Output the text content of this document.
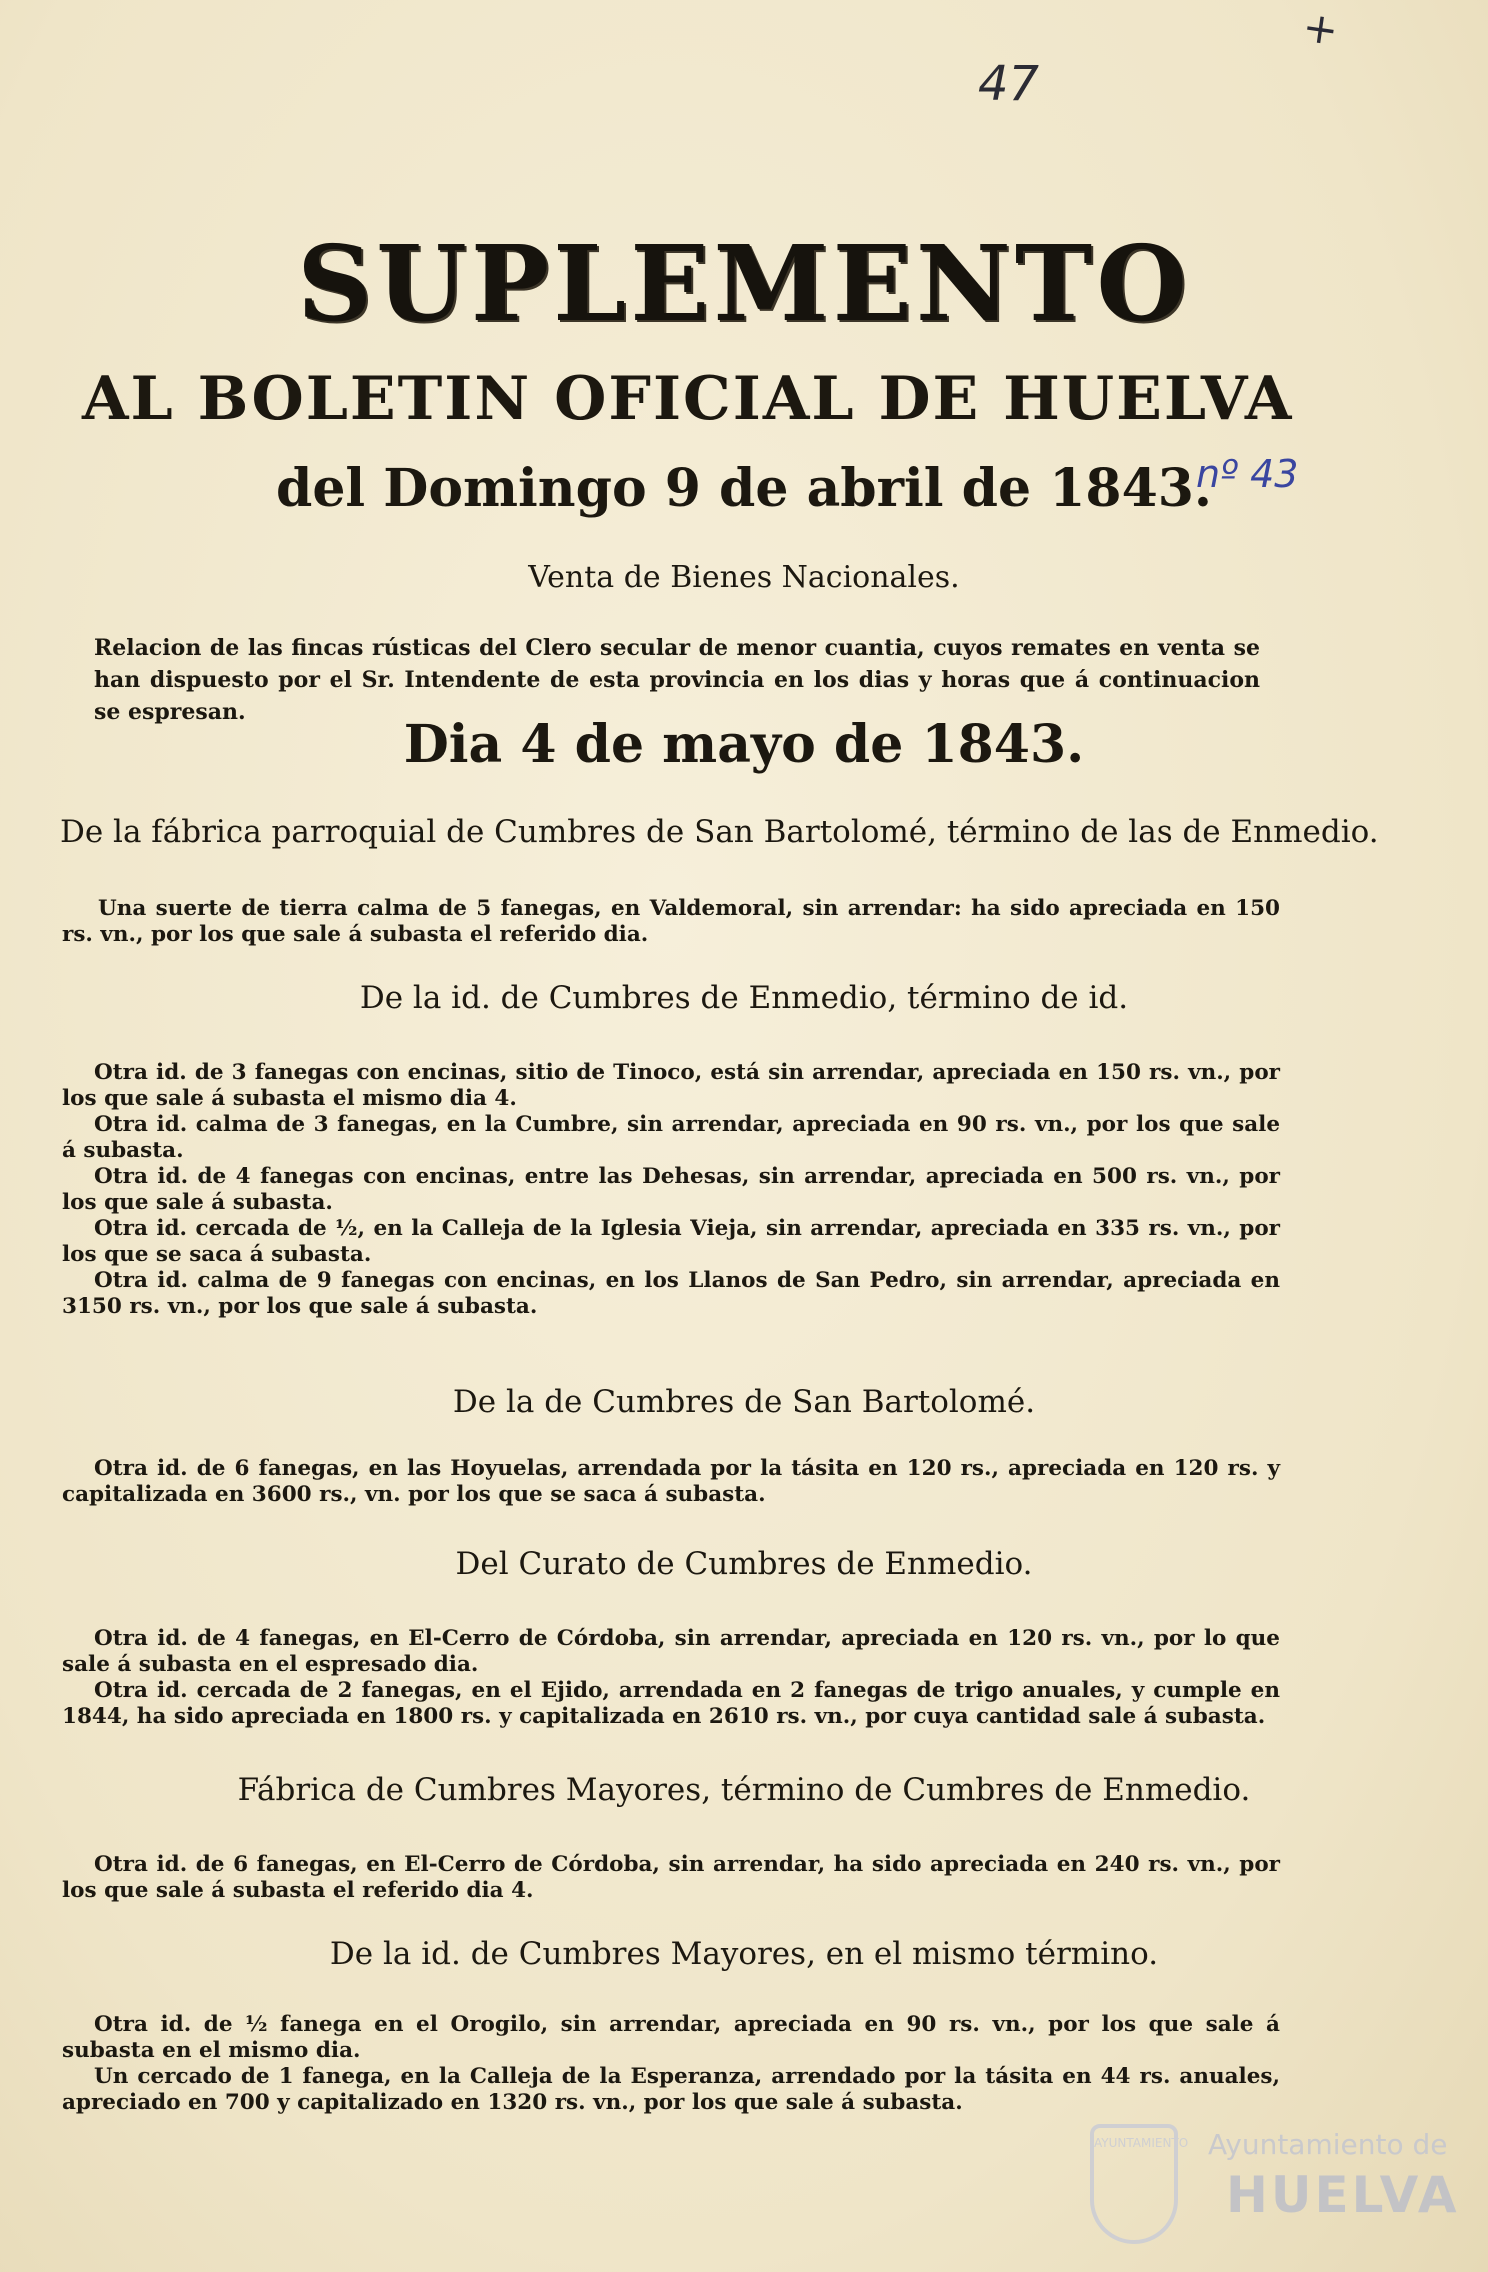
+
47
nº 43
SUPLEMENTO
AL BOLETIN OFICIAL DE HUELVA
del Domingo 9 de abril de 1843.
Venta de Bienes Nacionales.
Relacion de las fincas rústicas del Clero secular de menor cuantia, cuyos remates en venta se han dispuesto por el Sr. Intendente de esta provincia en los dias y horas que á continuacion se espresan.
Dia 4 de mayo de 1843.
De la fábrica parroquial de Cumbres de San Bartolomé, término de las de Enmedio.

Una suerte de tierra calma de 5 fanegas, en Valdemoral, sin arrendar: ha sido apreciada en 150 rs. vn., por los que sale á subasta el referido dia.

De la id. de Cumbres de Enmedio, término de id.

Otra id. de 3 fanegas con encinas, sitio de Tinoco, está sin arrendar, apreciada en 150 rs. vn., por los que sale á subasta el mismo dia 4.

Otra id. calma de 3 fanegas, en la Cumbre, sin arrendar, apreciada en 90 rs. vn., por los que sale á subasta.

Otra id. de 4 fanegas con encinas, entre las Dehesas, sin arrendar, apreciada en 500 rs. vn., por los que sale á subasta.

Otra id. cercada de ½, en la Calleja de la Iglesia Vieja, sin arrendar, apreciada en 335 rs. vn., por los que se saca á subasta.

Otra id. calma de 9 fanegas con encinas, en los Llanos de San Pedro, sin arrendar, apreciada en 3150 rs. vn., por los que sale á subasta.

De la de Cumbres de San Bartolomé.

Otra id. de 6 fanegas, en las Hoyuelas, arrendada por la tásita en 120 rs., apreciada en 120 rs. y capitalizada en 3600 rs., vn. por los que se saca á subasta.

Del Curato de Cumbres de Enmedio.

Otra id. de 4 fanegas, en El-Cerro de Córdoba, sin arrendar, apreciada en 120 rs. vn., por lo que sale á subasta en el espresado dia.

Otra id. cercada de 2 fanegas, en el Ejido, arrendada en 2 fanegas de trigo anuales, y cumple en 1844, ha sido apreciada en 1800 rs. y capitalizada en 2610 rs. vn., por cuya cantidad sale á subasta.

Fábrica de Cumbres Mayores, término de Cumbres de Enmedio.

Otra id. de 6 fanegas, en El-Cerro de Córdoba, sin arrendar, ha sido apreciada en 240 rs. vn., por los que sale á subasta el referido dia 4.

De la id. de Cumbres Mayores, en el mismo término.

Otra id. de ½ fanega en el Orogilo, sin arrendar, apreciada en 90 rs. vn., por los que sale á subasta en el mismo dia.

Un cercado de 1 fanega, en la Calleja de la Esperanza, arrendado por la tásita en 44 rs. anuales, apreciado en 700 y capitalizado en 1320 rs. vn., por los que sale á subasta.

AYUNTAMIENTO Ayuntamiento de
HUELVA
